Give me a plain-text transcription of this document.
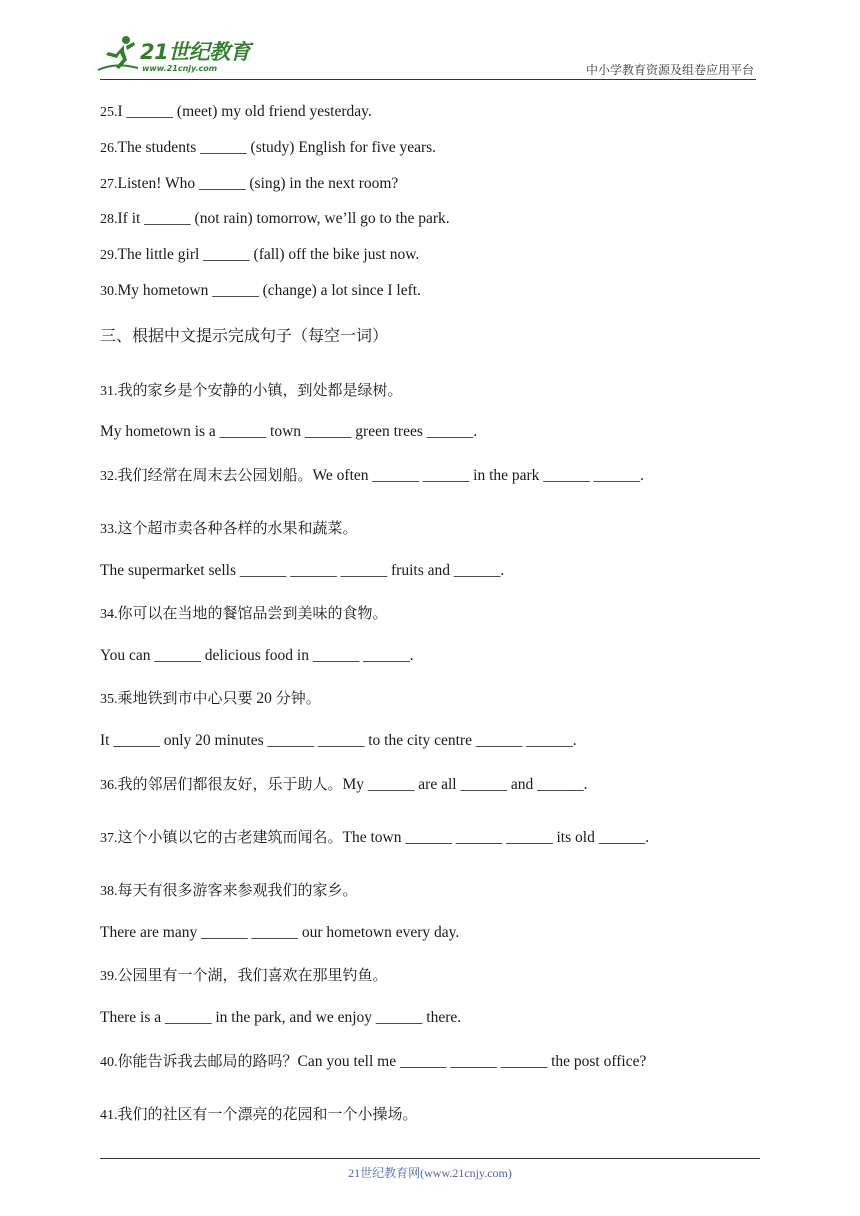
21世纪教育
www.21cnjy.com	中小学教育资源及组卷应用平台
25.I ______ (meet) my old friend yesterday.
26.The students ______ (study) English for five years.
27.Listen! Who ______ (sing) in the next room?
28.If it ______ (not rain) tomorrow, we’ll go to the park.
29.The little girl ______ (fall) off the bike just now.
30.My hometown ______ (change) a lot since I left.
三、根据中文提示完成句子（每空一词）
31.我的家乡是个安静的小镇，到处都是绿树。
My hometown is a ______ town ______ green trees ______.
32.我们经常在周末去公园划船。We often ______ ______ in the park ______ ______.
33.这个超市卖各种各样的水果和蔬菜。
The supermarket sells ______ ______ ______ fruits and ______.
34.你可以在当地的餐馆品尝到美味的食物。
You can ______ delicious food in ______ ______.
35.乘地铁到市中心只要 20 分钟。
It ______ only 20 minutes ______ ______ to the city centre ______ ______.
36.我的邻居们都很友好，乐于助人。My ______ are all ______ and ______.
37.这个小镇以它的古老建筑而闻名。The town ______ ______ ______ its old ______.
38.每天有很多游客来参观我们的家乡。
There are many ______ ______ our hometown every day.
39.公园里有一个湖，我们喜欢在那里钓鱼。
There is a ______ in the park, and we enjoy ______ there.
40.你能告诉我去邮局的路吗？Can you tell me ______ ______ ______ the post office?
41.我们的社区有一个漂亮的花园和一个小操场。
21世纪教育网(www.21cnjy.com)
